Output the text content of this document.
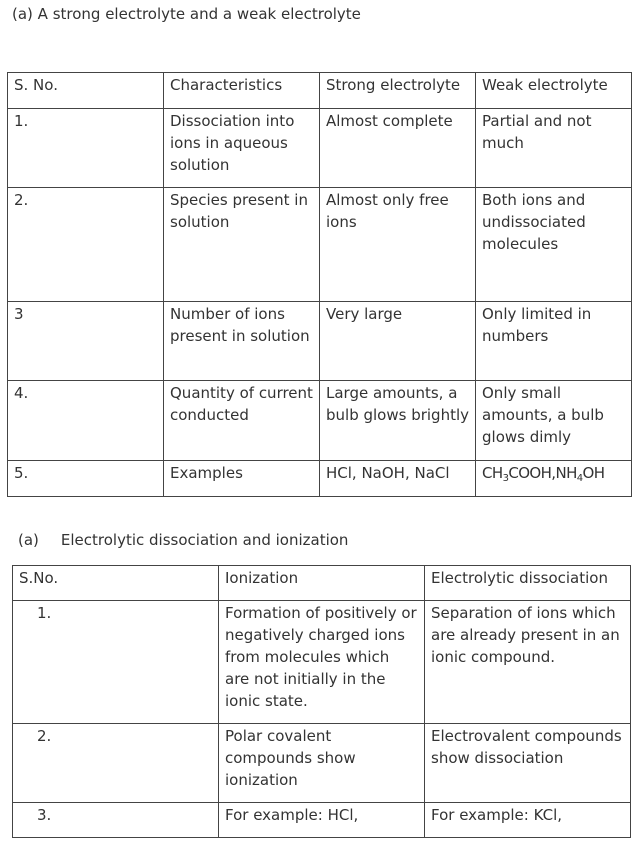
(a) A strong electrolyte and a weak electrolyte
S. No.	Characteristics	Strong electrolyte	Weak electrolyte
1.	Dissociation into ions in aqueous solution	Almost complete	Partial and not much
2.	Species present in solution	Almost only free ions	Both ions and undissociated molecules
3	Number of ions present in solution	Very large	Only limited in numbers
4.	Quantity of current conducted	Large amounts, a bulb glows brightly	Only small amounts, a bulb glows dimly
5.	Examples	HCl, NaOH, NaCl	$CH_3COOH,NH_4OH$
(a) Electrolytic dissociation and ionization
S.No.	Ionization	Electrolytic dissociation
1.	Formation of positively or negatively charged ions from molecules which are not initially in the ionic state.	Separation of ions which are already present in an ionic compound.
2.	Polar covalent compounds show ionization	Electrovalent compounds show dissociation
3.	For example: HCl,	For example: KCl,
